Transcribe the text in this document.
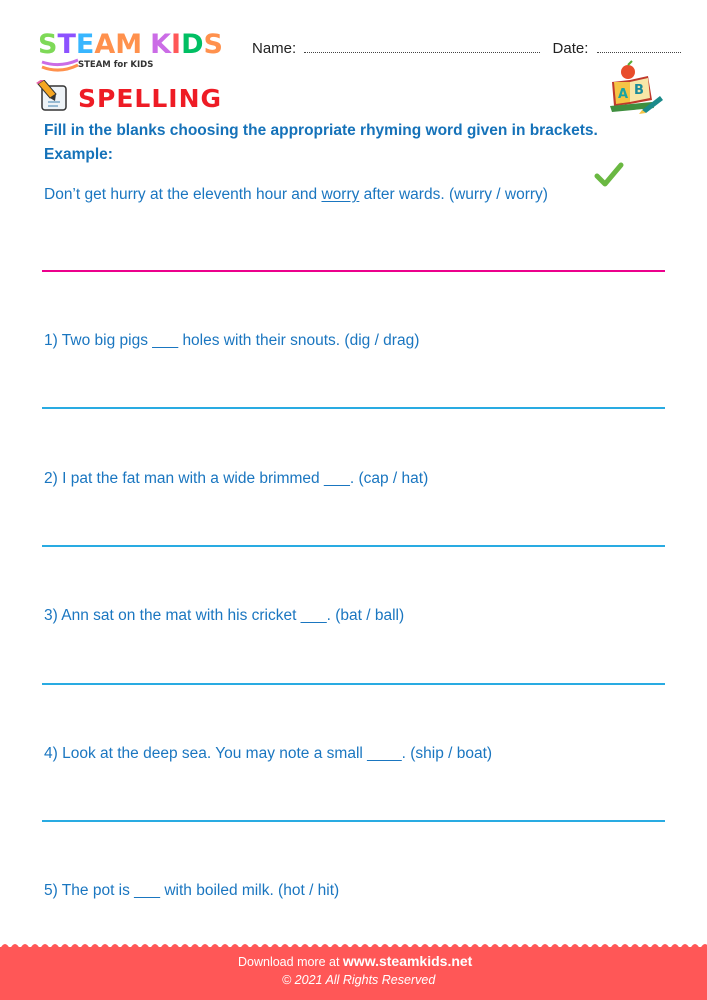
STEAM KIDS
STEAM for KIDS
Name:	Date:
A B
SPELLING
Fill in the blanks choosing the appropriate rhyming word given in brackets.
Example:
Don’t get hurry at the eleventh hour and worry after wards. (wurry / worry)
1) Two big pigs ___ holes with their snouts. (dig / drag)
2) I pat the fat man with a wide brimmed ___. (cap / hat)
3) Ann sat on the mat with his cricket ___. (bat / ball)
4) Look at the deep sea. You may note a small ____. (ship / boat)
5) The pot is ___ with boiled milk. (hot / hit)
Download more at www.steamkids.net
© 2021 All Rights Reserved
